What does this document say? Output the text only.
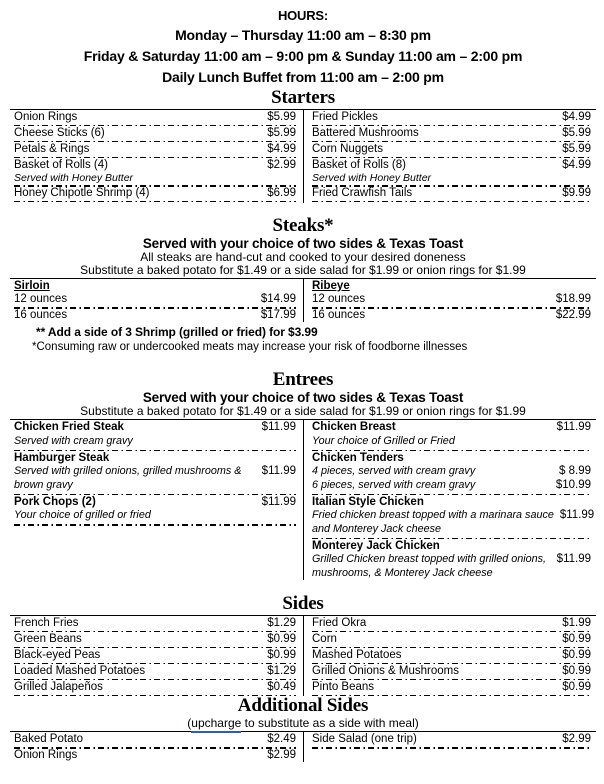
HOURS:
Monday – Thursday 11:00 am – 8:30 pm
Friday & Saturday 11:00 am – 9:00 pm & Sunday 11:00 am – 2:00 pm
Daily Lunch Buffet from 11:00 am – 2:00 pm
Starters
Onion Rings	$5.99
Cheese Sticks (6)	$5.99
Petals & Rings	$4.99
Basket of Rolls (4)	$2.99
Served with Honey Butter
Honey Chipotle Shrimp (4)	$6.99
Fried Pickles	$4.99
Battered Mushrooms	$5.99
Corn Nuggets	$5.99
Basket of Rolls (8)	$4.99
Served with Honey Butter
Fried Crawfish Tails	$9.99
Steaks*
Served with your choice of two sides & Texas Toast
All steaks are hand-cut and cooked to your desired doneness
Substitute a baked potato for $1.49 or a side salad for $1.99 or onion rings for $1.99
Sirloin
12 ounces	$14.99
16 ounces	$17.99
Ribeye
12 ounces	$18.99
16 ounces	$22.99
** Add a side of 3 Shrimp (grilled or fried) for $3.99
*Consuming raw or undercooked meats may increase your risk of foodborne illnesses
Entrees
Served with your choice of two sides & Texas Toast
Substitute a baked potato for $1.49 or a side salad for $1.99 or onion rings for $1.99
Chicken Fried Steak	$11.99
Served with cream gravy
Hamburger Steak
Served with grilled onions, grilled mushrooms &	$11.99
brown gravy
Pork Chops (2)	$11.99
Your choice of grilled or fried
Chicken Breast	$11.99
Your choice of Grilled or Fried
Chicken Tenders
4 pieces, served with cream gravy	$ 8.99
6 pieces, served with cream gravy	$10.99
Italian Style Chicken
Fried chicken breast topped with a marinara sauce $11.99
and Monterey Jack cheese
Monterey Jack Chicken
Grilled Chicken breast topped with grilled onions, $11.99
mushrooms, & Monterey Jack cheese
Sides
French Fries	$1.29
Green Beans	$0.99
Black-eyed Peas	$0.99
Loaded Mashed Potatoes	$1.29
Grilled Jalapeños	$0.49
Fried Okra	$1.99
Corn	$0.99
Mashed Potatoes	$0.99
Grilled Onions & Mushrooms	$0.99
Pinto Beans	$0.99
Additional Sides
(upcharge to substitute as a side with meal)
Baked Potato	$2.49
Onion Rings	$2.99
Side Salad (one trip)	$2.99
